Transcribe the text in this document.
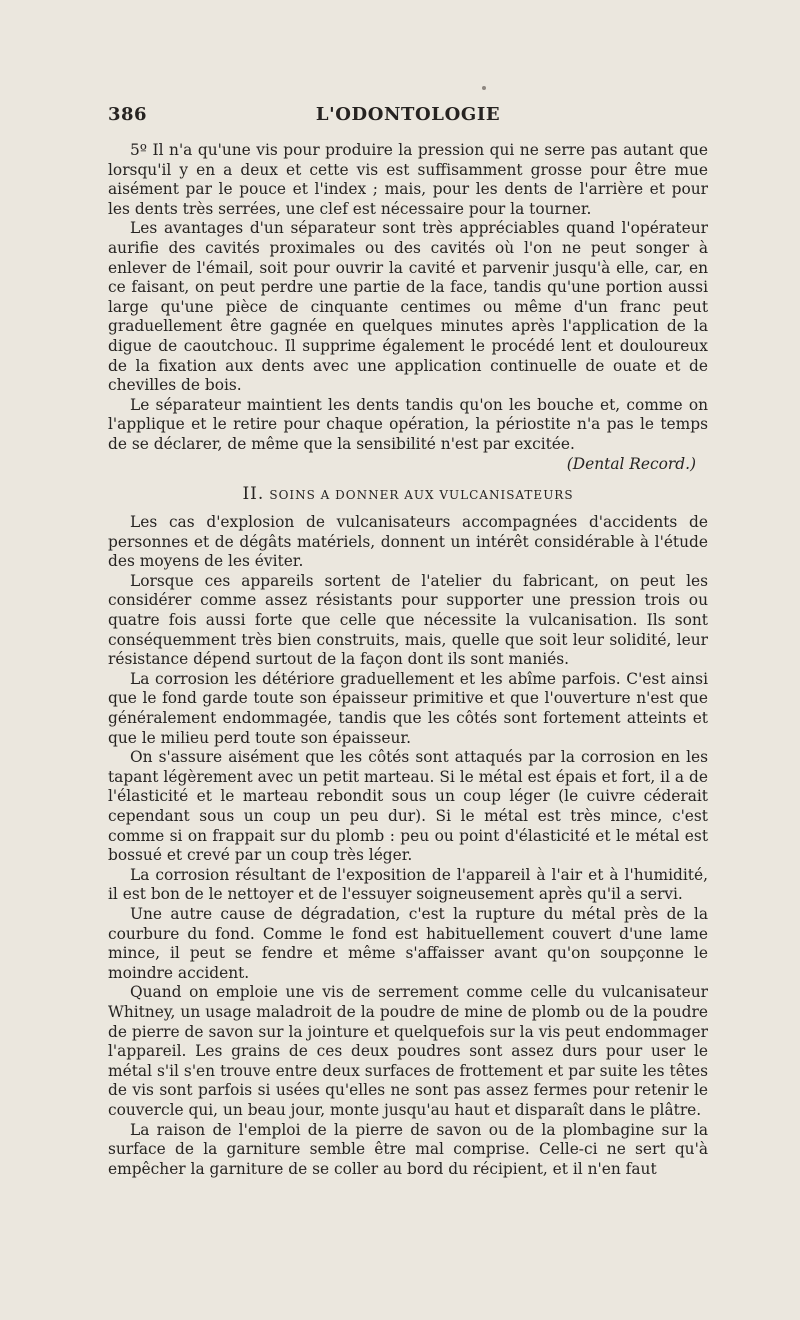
386	L'ODONTOLOGIE

5º Il n'a qu'une vis pour produire la pression qui ne serre pas autant que lorsqu'il y en a deux et cette vis est suffisamment grosse pour être mue aisément par le pouce et l'index ; mais, pour les dents de l'arrière et pour les dents très serrées, une clef est nécessaire pour la tourner.

Les avantages d'un séparateur sont très appréciables quand l'opérateur aurifie des cavités proximales ou des cavités où l'on ne peut songer à enlever de l'émail, soit pour ouvrir la cavité et parvenir jusqu'à elle, car, en ce faisant, on peut perdre une partie de la face, tandis qu'une portion aussi large qu'une pièce de cinquante centimes ou même d'un franc peut graduellement être gagnée en quelques minutes après l'application de la digue de caoutchouc. Il supprime également le procédé lent et douloureux de la fixation aux dents avec une application continuelle de ouate et de chevilles de bois.

Le séparateur maintient les dents tandis qu'on les bouche et, comme on l'applique et le retire pour chaque opération, la périostite n'a pas le temps de se déclarer, de même que la sensibilité n'est par excitée.

(Dental Record.)

II. SOINS A DONNER AUX VULCANISATEURS

Les cas d'explosion de vulcanisateurs accompagnées d'accidents de personnes et de dégâts matériels, donnent un intérêt considérable à l'étude des moyens de les éviter.

Lorsque ces appareils sortent de l'atelier du fabricant, on peut les considérer comme assez résistants pour supporter une pression trois ou quatre fois aussi forte que celle que nécessite la vulcanisation. Ils sont conséquemment très bien construits, mais, quelle que soit leur solidité, leur résistance dépend surtout de la façon dont ils sont maniés.

La corrosion les détériore graduellement et les abîme parfois. C'est ainsi que le fond garde toute son épaisseur primitive et que l'ouverture n'est que généralement endommagée, tandis que les côtés sont fortement atteints et que le milieu perd toute son épaisseur.

On s'assure aisément que les côtés sont attaqués par la corrosion en les tapant légèrement avec un petit marteau. Si le métal est épais et fort, il a de l'élasticité et le marteau rebondit sous un coup léger (le cuivre céderait cependant sous un coup un peu dur). Si le métal est très mince, c'est comme si on frappait sur du plomb : peu ou point d'élasticité et le métal est bossué et crevé par un coup très léger.

La corrosion résultant de l'exposition de l'appareil à l'air et à l'humidité, il est bon de le nettoyer et de l'essuyer soigneusement après qu'il a servi.

Une autre cause de dégradation, c'est la rupture du métal près de la courbure du fond. Comme le fond est habituellement couvert d'une lame mince, il peut se fendre et même s'affaisser avant qu'on soupçonne le moindre accident.

Quand on emploie une vis de serrement comme celle du vulcanisateur Whitney, un usage maladroit de la poudre de mine de plomb ou de la poudre de pierre de savon sur la jointure et quelquefois sur la vis peut endommager l'appareil. Les grains de ces deux poudres sont assez durs pour user le métal s'il s'en trouve entre deux surfaces de frottement et par suite les têtes de vis sont parfois si usées qu'elles ne sont pas assez fermes pour retenir le couvercle qui, un beau jour, monte jusqu'au haut et disparaît dans le plâtre.

La raison de l'emploi de la pierre de savon ou de la plombagine sur la surface de la garniture semble être mal comprise. Celle-ci ne sert qu'à empêcher la garniture de se coller au bord du récipient, et il n'en faut
